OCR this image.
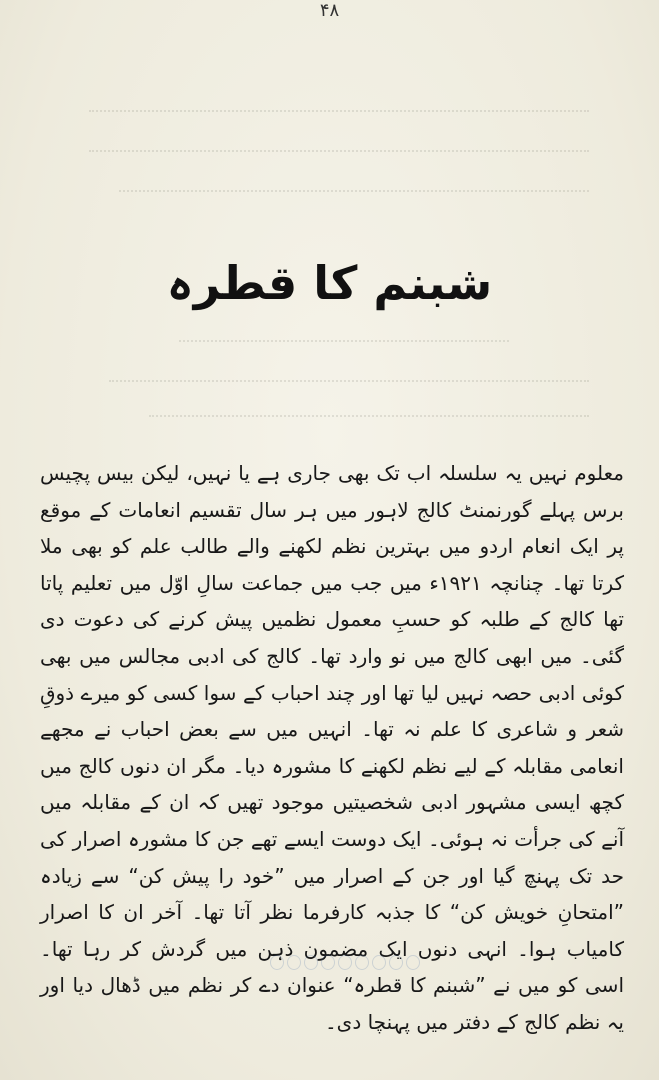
۴۸
شبنم کا قطرہ

معلوم نہیں یہ سلسلہ اب تک بھی جاری ہے یا نہیں، لیکن بیس پچیس برس پہلے گورنمنٹ کالج لاہور میں ہر سال تقسیم انعامات کے موقع پر ایک انعام اردو میں بہترین نظم لکھنے والے طالب علم کو بھی ملا کرتا تھا۔ چنانچہ ۱۹۲۱ء میں جب میں جماعت سالِ اوّل میں تعلیم پاتا تھا کالج کے طلبہ کو حسبِ معمول نظمیں پیش کرنے کی دعوت دی گئی۔ میں ابھی کالج میں نو وارد تھا۔ کالج کی ادبی مجالس میں بھی کوئی ادبی حصہ نہیں لیا تھا اور چند احباب کے سوا کسی کو میرے ذوقِ شعر و شاعری کا علم نہ تھا۔ انہیں میں سے بعض احباب نے مجھے انعامی مقابلہ کے لیے نظم لکھنے کا مشورہ دیا۔ مگر ان دنوں کالج میں کچھ ایسی مشہور ادبی شخصیتیں موجود تھیں کہ ان کے مقابلہ میں آنے کی جرأت نہ ہوئی۔ ایک دوست ایسے تھے جن کا مشورہ اصرار کی حد تک پہنچ گیا اور جن کے اصرار میں ”خود را پیش کن“ سے زیادہ ”امتحانِ خویش کن“ کا جذبہ کارفرما نظر آتا تھا۔ آخر ان کا اصرار کامیاب ہوا۔ انہی دنوں ایک مضمون ذہن میں گردش کر رہا تھا۔ اسی کو میں نے ”شبنم کا قطرہ“ عنوان دے کر نظم میں ڈھال دیا اور یہ نظم کالج کے دفتر میں پہنچا دی۔
